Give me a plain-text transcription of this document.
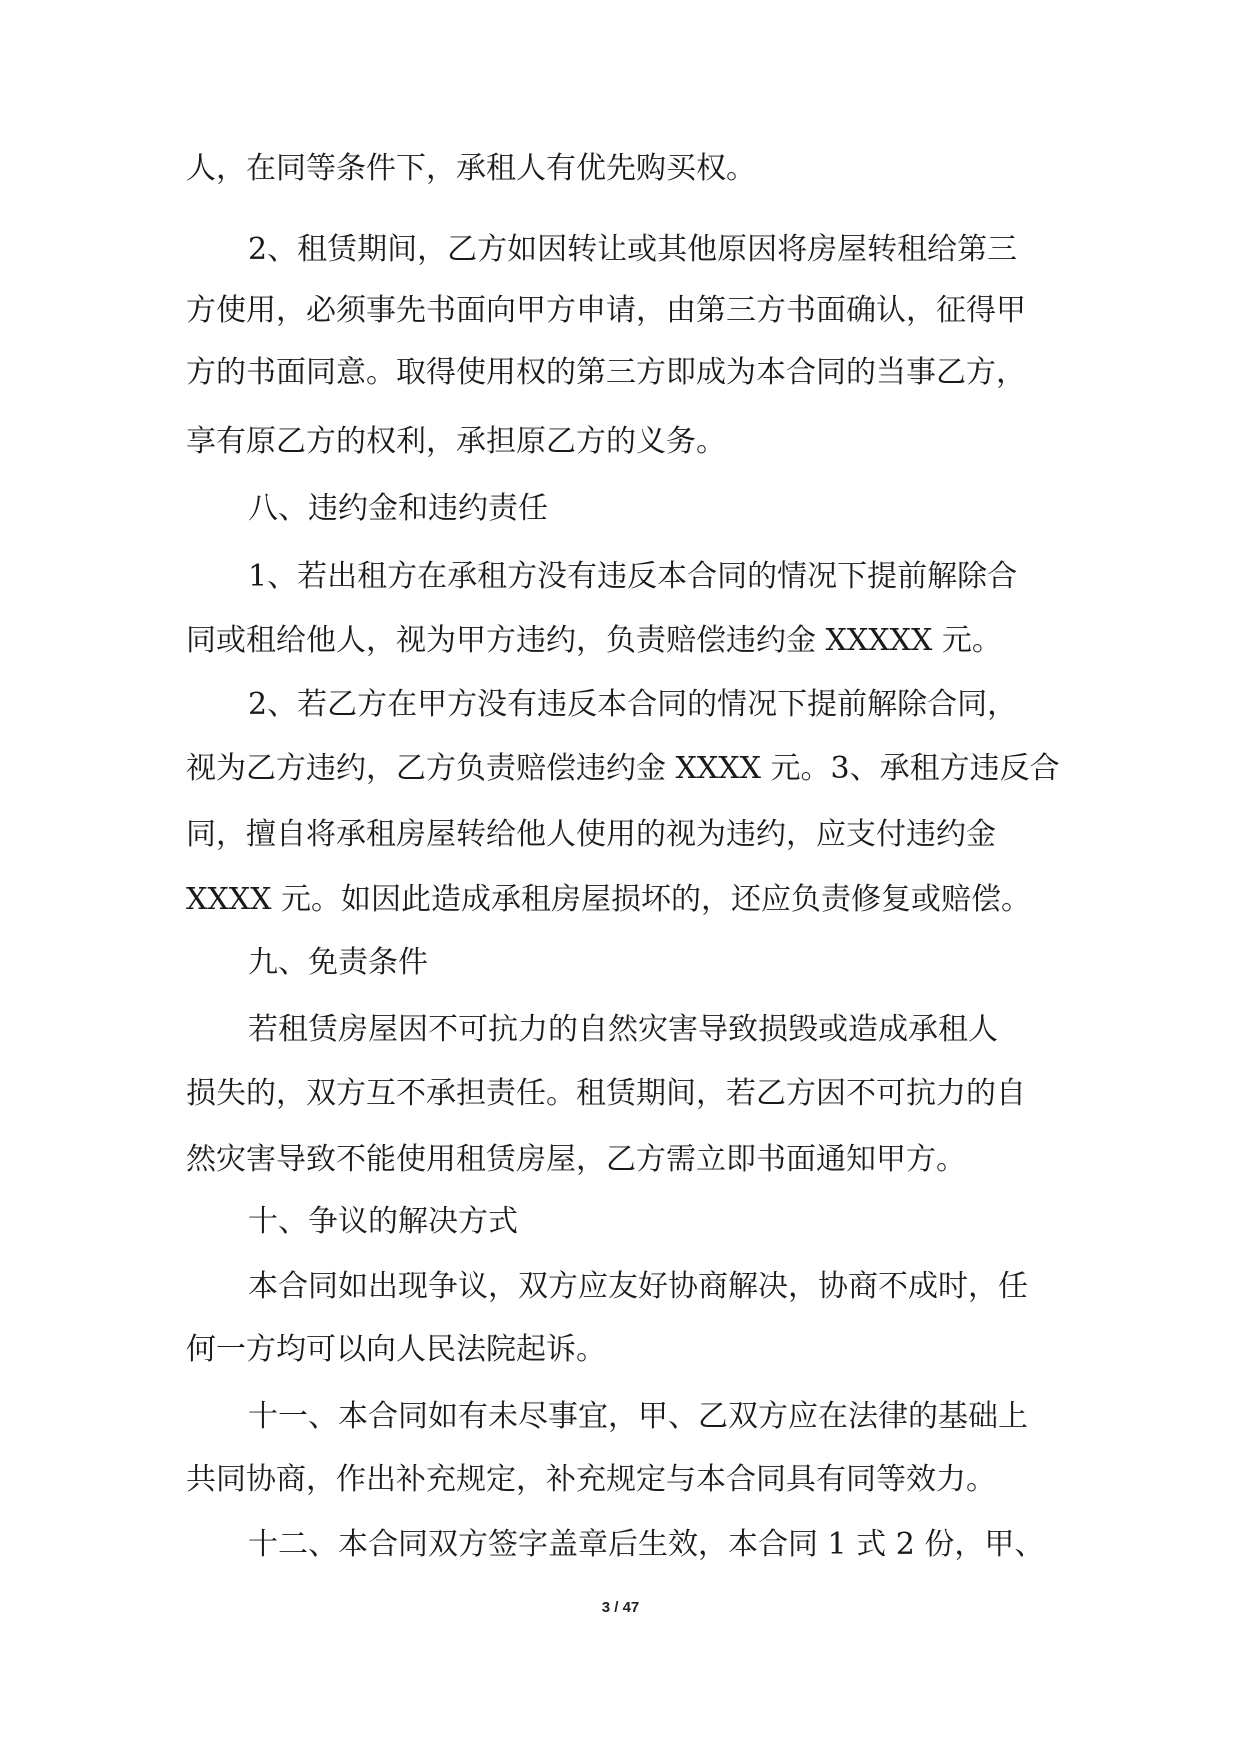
人，在同等条件下，承租人有优先购买权。
2、租赁期间，乙方如因转让或其他原因将房屋转租给第三
方使用，必须事先书面向甲方申请，由第三方书面确认，征得甲
方的书面同意。取得使用权的第三方即成为本合同的当事乙方，
享有原乙方的权利，承担原乙方的义务。
八、违约金和违约责任
1、若出租方在承租方没有违反本合同的情况下提前解除合
同或租给他人，视为甲方违约，负责赔偿违约金 XXXXX 元。
2、若乙方在甲方没有违反本合同的情况下提前解除合同，
视为乙方违约，乙方负责赔偿违约金 XXXX 元。3、承租方违反合
同，擅自将承租房屋转给他人使用的视为违约，应支付违约金
XXXX 元。如因此造成承租房屋损坏的，还应负责修复或赔偿。
九、免责条件
若租赁房屋因不可抗力的自然灾害导致损毁或造成承租人
损失的，双方互不承担责任。租赁期间，若乙方因不可抗力的自
然灾害导致不能使用租赁房屋，乙方需立即书面通知甲方。
十、争议的解决方式
本合同如出现争议，双方应友好协商解决，协商不成时，任
何一方均可以向人民法院起诉。
十一、本合同如有未尽事宜，甲、乙双方应在法律的基础上
共同协商，作出补充规定，补充规定与本合同具有同等效力。
十二、本合同双方签字盖章后生效，本合同 1 式 2 份，甲、
3 / 47
